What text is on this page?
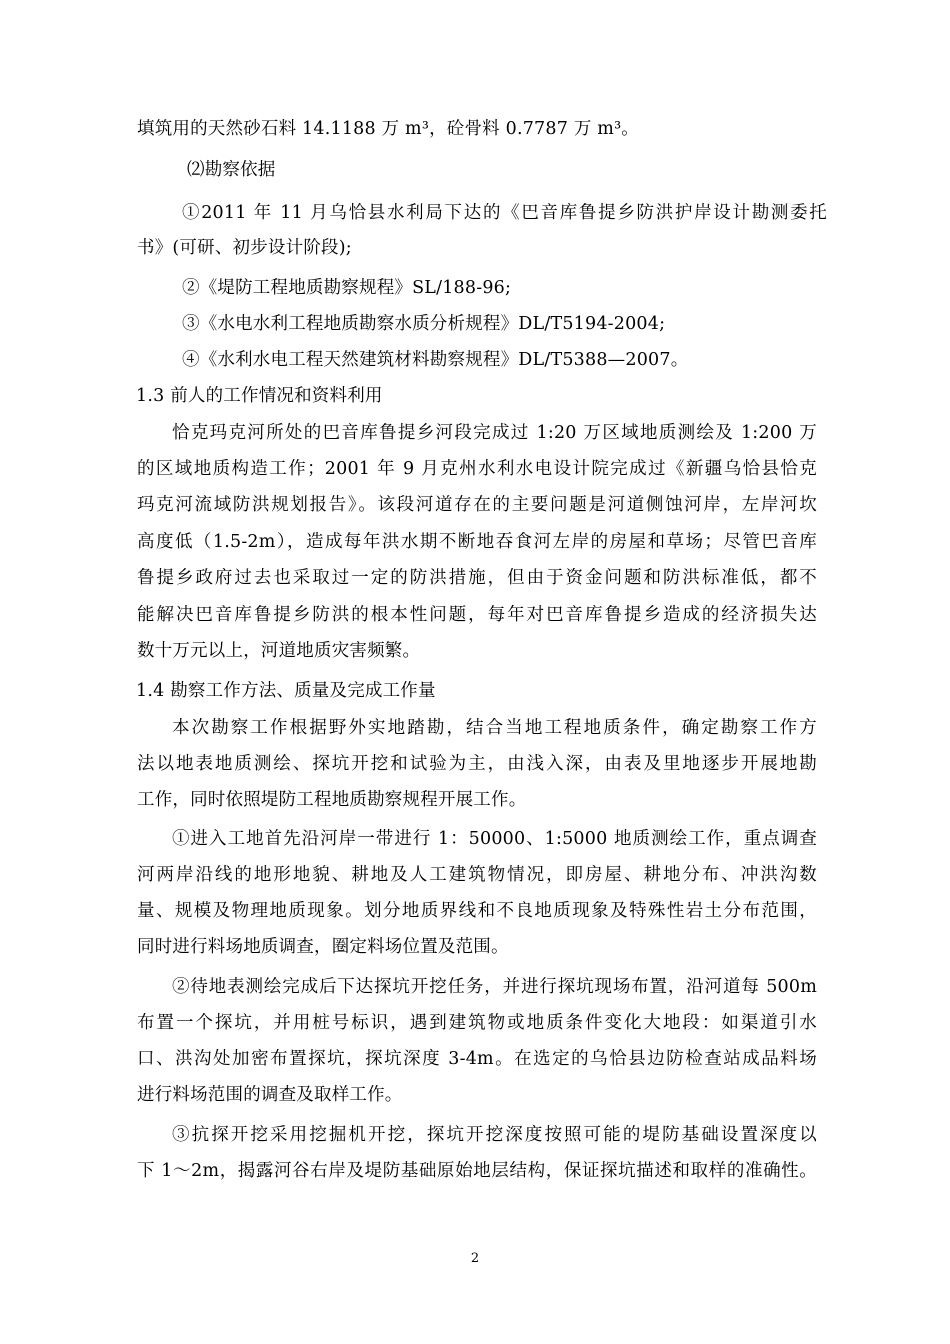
填筑用的天然砂石料 14.1188 万 m³，砼骨料 0.7787 万 m³。
⑵勘察依据
①2011 年 11 月乌恰县水利局下达的《巴音库鲁提乡防洪护岸设计勘测委托
书》(可研、初步设计阶段);
②《堤防工程地质勘察规程》SL/188-96;
③《水电水利工程地质勘察水质分析规程》DL/T5194-2004;
④《水利水电工程天然建筑材料勘察规程》DL/T5388—2007。
1.3 前人的工作情况和资料利用
恰克玛克河所处的巴音库鲁提乡河段完成过 1:20 万区域地质测绘及 1:200 万
的区域地质构造工作；2001 年 9 月克州水利水电设计院完成过《新疆乌恰县恰克
玛克河流域防洪规划报告》。该段河道存在的主要问题是河道侧蚀河岸，左岸河坎
高度低（1.5-2m），造成每年洪水期不断地吞食河左岸的房屋和草场；尽管巴音库
鲁提乡政府过去也采取过一定的防洪措施，但由于资金问题和防洪标准低，都不
能解决巴音库鲁提乡防洪的根本性问题，每年对巴音库鲁提乡造成的经济损失达
数十万元以上，河道地质灾害频繁。
1.4 勘察工作方法、质量及完成工作量
本次勘察工作根据野外实地踏勘，结合当地工程地质条件，确定勘察工作方
法以地表地质测绘、探坑开挖和试验为主，由浅入深，由表及里地逐步开展地勘
工作，同时依照堤防工程地质勘察规程开展工作。
①进入工地首先沿河岸一带进行 1：50000、1:5000 地质测绘工作，重点调查
河两岸沿线的地形地貌、耕地及人工建筑物情况，即房屋、耕地分布、冲洪沟数
量、规模及物理地质现象。划分地质界线和不良地质现象及特殊性岩土分布范围，
同时进行料场地质调查，圈定料场位置及范围。
②待地表测绘完成后下达探坑开挖任务，并进行探坑现场布置，沿河道每 500m
布置一个探坑，并用桩号标识，遇到建筑物或地质条件变化大地段：如渠道引水
口、洪沟处加密布置探坑，探坑深度 3-4m。在选定的乌恰县边防检查站成品料场
进行料场范围的调查及取样工作。
③抗探开挖采用挖掘机开挖，探坑开挖深度按照可能的堤防基础设置深度以
下 1～2m，揭露河谷右岸及堤防基础原始地层结构，保证探坑描述和取样的准确性。
2
